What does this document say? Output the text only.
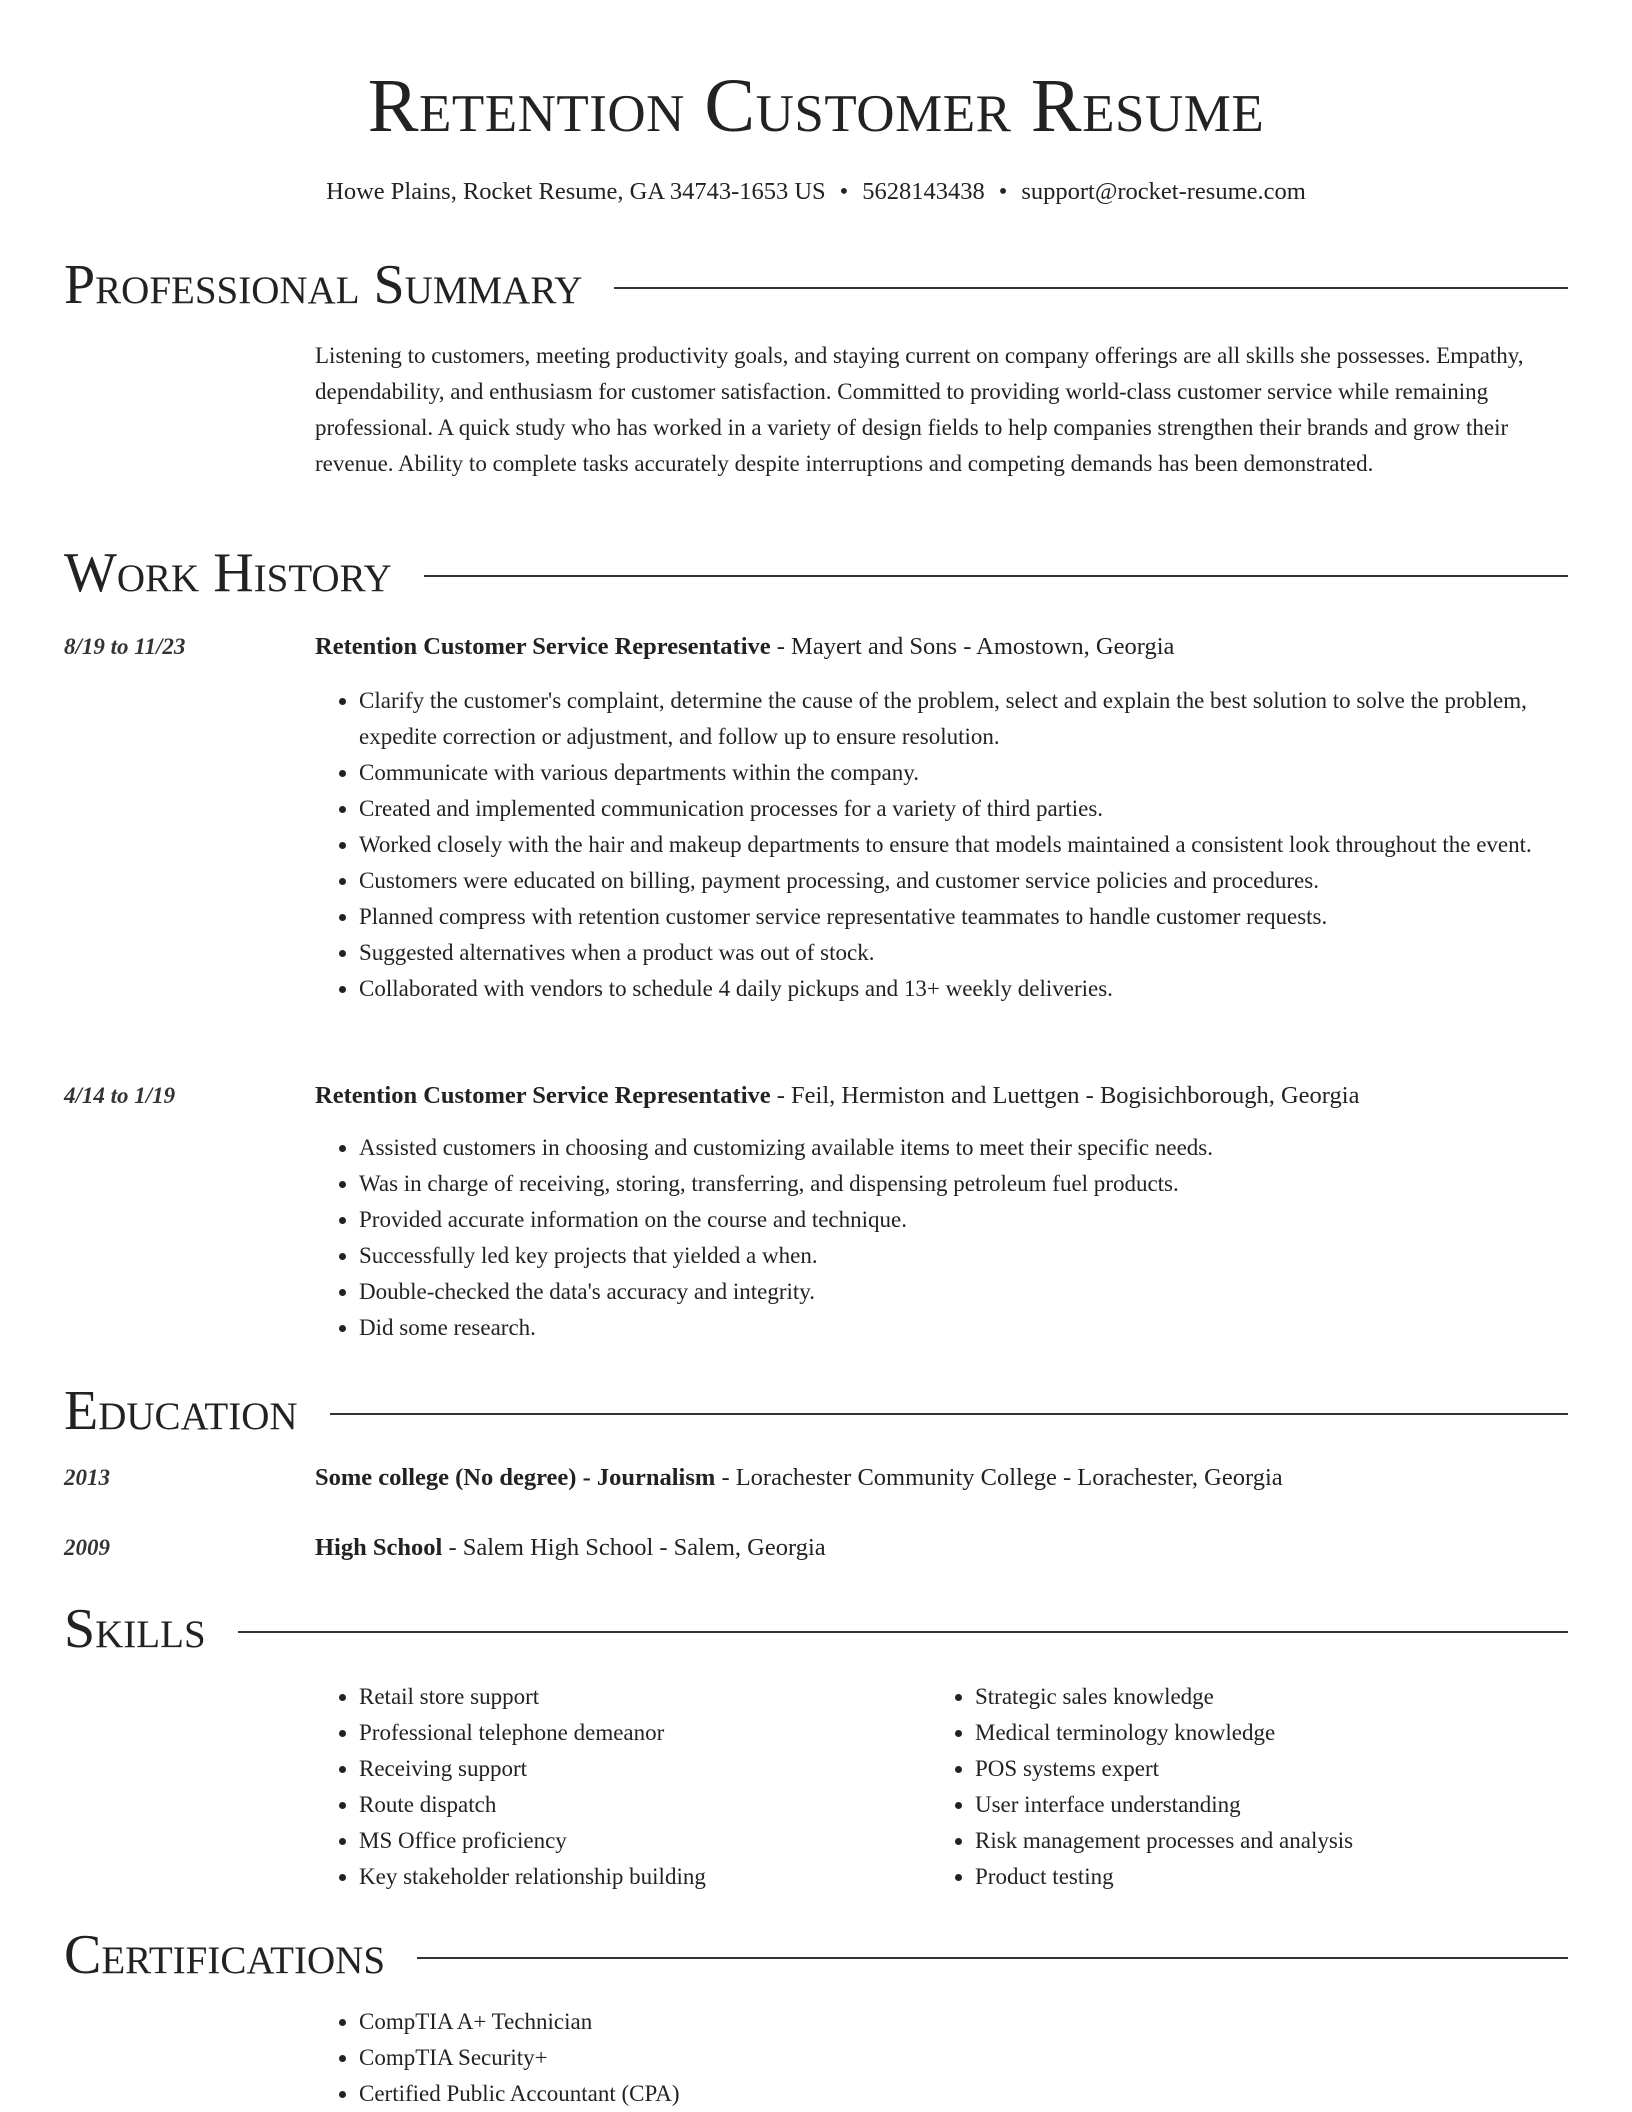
Retention Customer Resume
Howe Plains, Rocket Resume, GA 34743-1653 US • 5628143438 • support@rocket-resume.com
Professional Summary

Listening to customers, meeting productivity goals, and staying current on company offerings are all skills she possesses. Empathy, dependability, and enthusiasm for customer satisfaction. Committed to providing world-class customer service while remaining professional. A quick study who has worked in a variety of design fields to help companies strengthen their brands and grow their revenue. Ability to complete tasks accurately despite interruptions and competing demands has been demonstrated.

Work History
8/19 to 11/23	Retention Customer Service Representative - Mayert and Sons - Amostown, Georgia
• Clarify the customer's complaint, determine the cause of the problem, select and explain the best solution to solve the problem, expedite correction or adjustment, and follow up to ensure resolution.
• Communicate with various departments within the company.
• Created and implemented communication processes for a variety of third parties.
• Worked closely with the hair and makeup departments to ensure that models maintained a consistent look throughout the event.
• Customers were educated on billing, payment processing, and customer service policies and procedures.
• Planned compress with retention customer service representative teammates to handle customer requests.
• Suggested alternatives when a product was out of stock.
• Collaborated with vendors to schedule 4 daily pickups and 13+ weekly deliveries.
4/14 to 1/19	Retention Customer Service Representative - Feil, Hermiston and Luettgen - Bogisichborough, Georgia
• Assisted customers in choosing and customizing available items to meet their specific needs.
• Was in charge of receiving, storing, transferring, and dispensing petroleum fuel products.
• Provided accurate information on the course and technique.
• Successfully led key projects that yielded a when.
• Double-checked the data's accuracy and integrity.
• Did some research.
Education
2013	Some college (No degree) - Journalism - Lorachester Community College - Lorachester, Georgia
2009	High School - Salem High School - Salem, Georgia
Skills
• Retail store support
• Professional telephone demeanor
• Receiving support
• Route dispatch
• MS Office proficiency
• Key stakeholder relationship building
• Strategic sales knowledge
• Medical terminology knowledge
• POS systems expert
• User interface understanding
• Risk management processes and analysis
• Product testing
Certifications
• CompTIA A+ Technician
• CompTIA Security+
• Certified Public Accountant (CPA)
